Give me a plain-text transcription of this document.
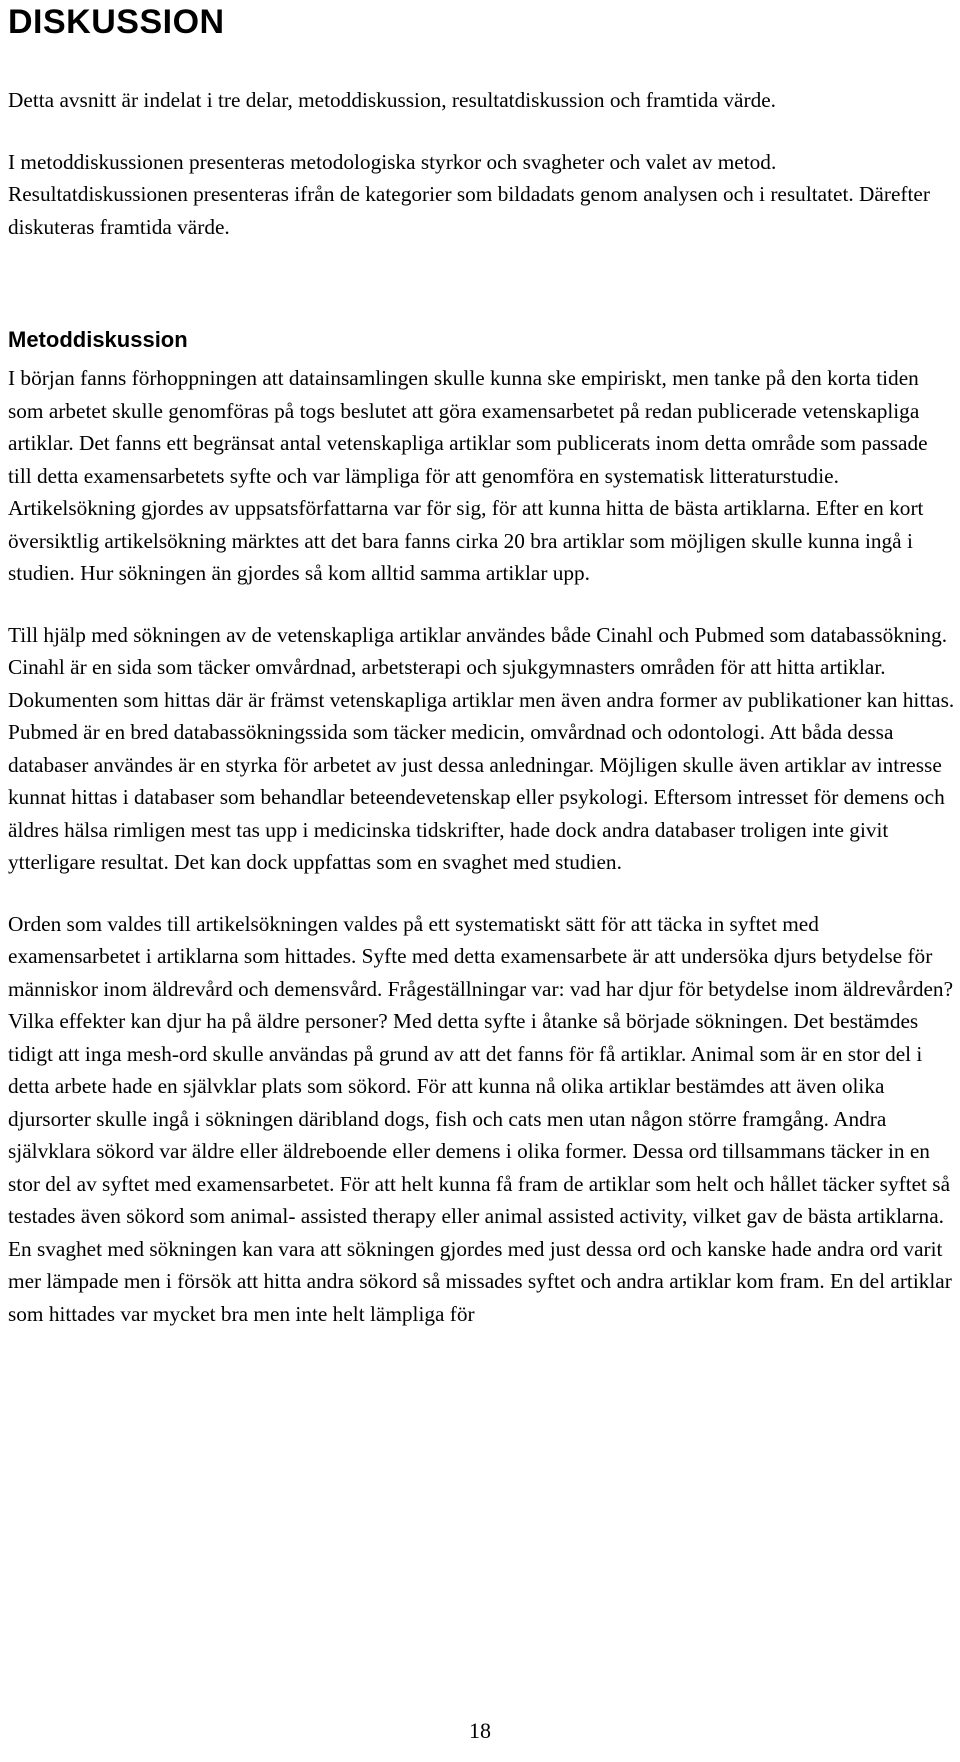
DISKUSSION

Detta avsnitt är indelat i tre delar, metoddiskussion, resultatdiskussion och framtida värde.

I metoddiskussionen presenteras metodologiska styrkor och svagheter och valet av metod. Resultatdiskussionen presenteras ifrån de kategorier som bildadats genom analysen och i resultatet. Därefter diskuteras framtida värde.

Metoddiskussion

I början fanns förhoppningen att datainsamlingen skulle kunna ske empiriskt, men tanke på den korta tiden som arbetet skulle genomföras på togs beslutet att göra examensarbetet på redan publicerade vetenskapliga artiklar. Det fanns ett begränsat antal vetenskapliga artiklar som publicerats inom detta område som passade till detta examensarbetets syfte och var lämpliga för att genomföra en systematisk litteraturstudie. Artikelsökning gjordes av uppsatsförfattarna var för sig, för att kunna hitta de bästa artiklarna. Efter en kort översiktlig artikelsökning märktes att det bara fanns cirka 20 bra artiklar som möjligen skulle kunna ingå i studien. Hur sökningen än gjordes så kom alltid samma artiklar upp.

Till hjälp med sökningen av de vetenskapliga artiklar användes både Cinahl och Pubmed som databassökning. Cinahl är en sida som täcker omvårdnad, arbetsterapi och sjukgymnasters områden för att hitta artiklar. Dokumenten som hittas där är främst vetenskapliga artiklar men även andra former av publikationer kan hittas. Pubmed är en bred databassökningssida som täcker medicin, omvårdnad och odontologi. Att båda dessa databaser användes är en styrka för arbetet av just dessa anledningar. Möjligen skulle även artiklar av intresse kunnat hittas i databaser som behandlar beteendevetenskap eller psykologi. Eftersom intresset för demens och äldres hälsa rimligen mest tas upp i medicinska tidskrifter, hade dock andra databaser troligen inte givit ytterligare resultat. Det kan dock uppfattas som en svaghet med studien.

Orden som valdes till artikelsökningen valdes på ett systematiskt sätt för att täcka in syftet med examensarbetet i artiklarna som hittades. Syfte med detta examensarbete är att undersöka djurs betydelse för människor inom äldrevård och demensvård. Frågeställningar var: vad har djur för betydelse inom äldrevården? Vilka effekter kan djur ha på äldre personer? Med detta syfte i åtanke så började sökningen. Det bestämdes tidigt att inga mesh-ord skulle användas på grund av att det fanns för få artiklar. Animal som är en stor del i detta arbete hade en självklar plats som sökord. För att kunna nå olika artiklar bestämdes att även olika djursorter skulle ingå i sökningen däribland dogs, fish och cats men utan någon större framgång. Andra självklara sökord var äldre eller äldreboende eller demens i olika former. Dessa ord tillsammans täcker in en stor del av syftet med examensarbetet. För att helt kunna få fram de artiklar som helt och hållet täcker syftet så testades även sökord som animal- assisted therapy eller animal assisted activity, vilket gav de bästa artiklarna. En svaghet med sökningen kan vara att sökningen gjordes med just dessa ord och kanske hade andra ord varit mer lämpade men i försök att hitta andra sökord så missades syftet och andra artiklar kom fram. En del artiklar som hittades var mycket bra men inte helt lämpliga för

18
